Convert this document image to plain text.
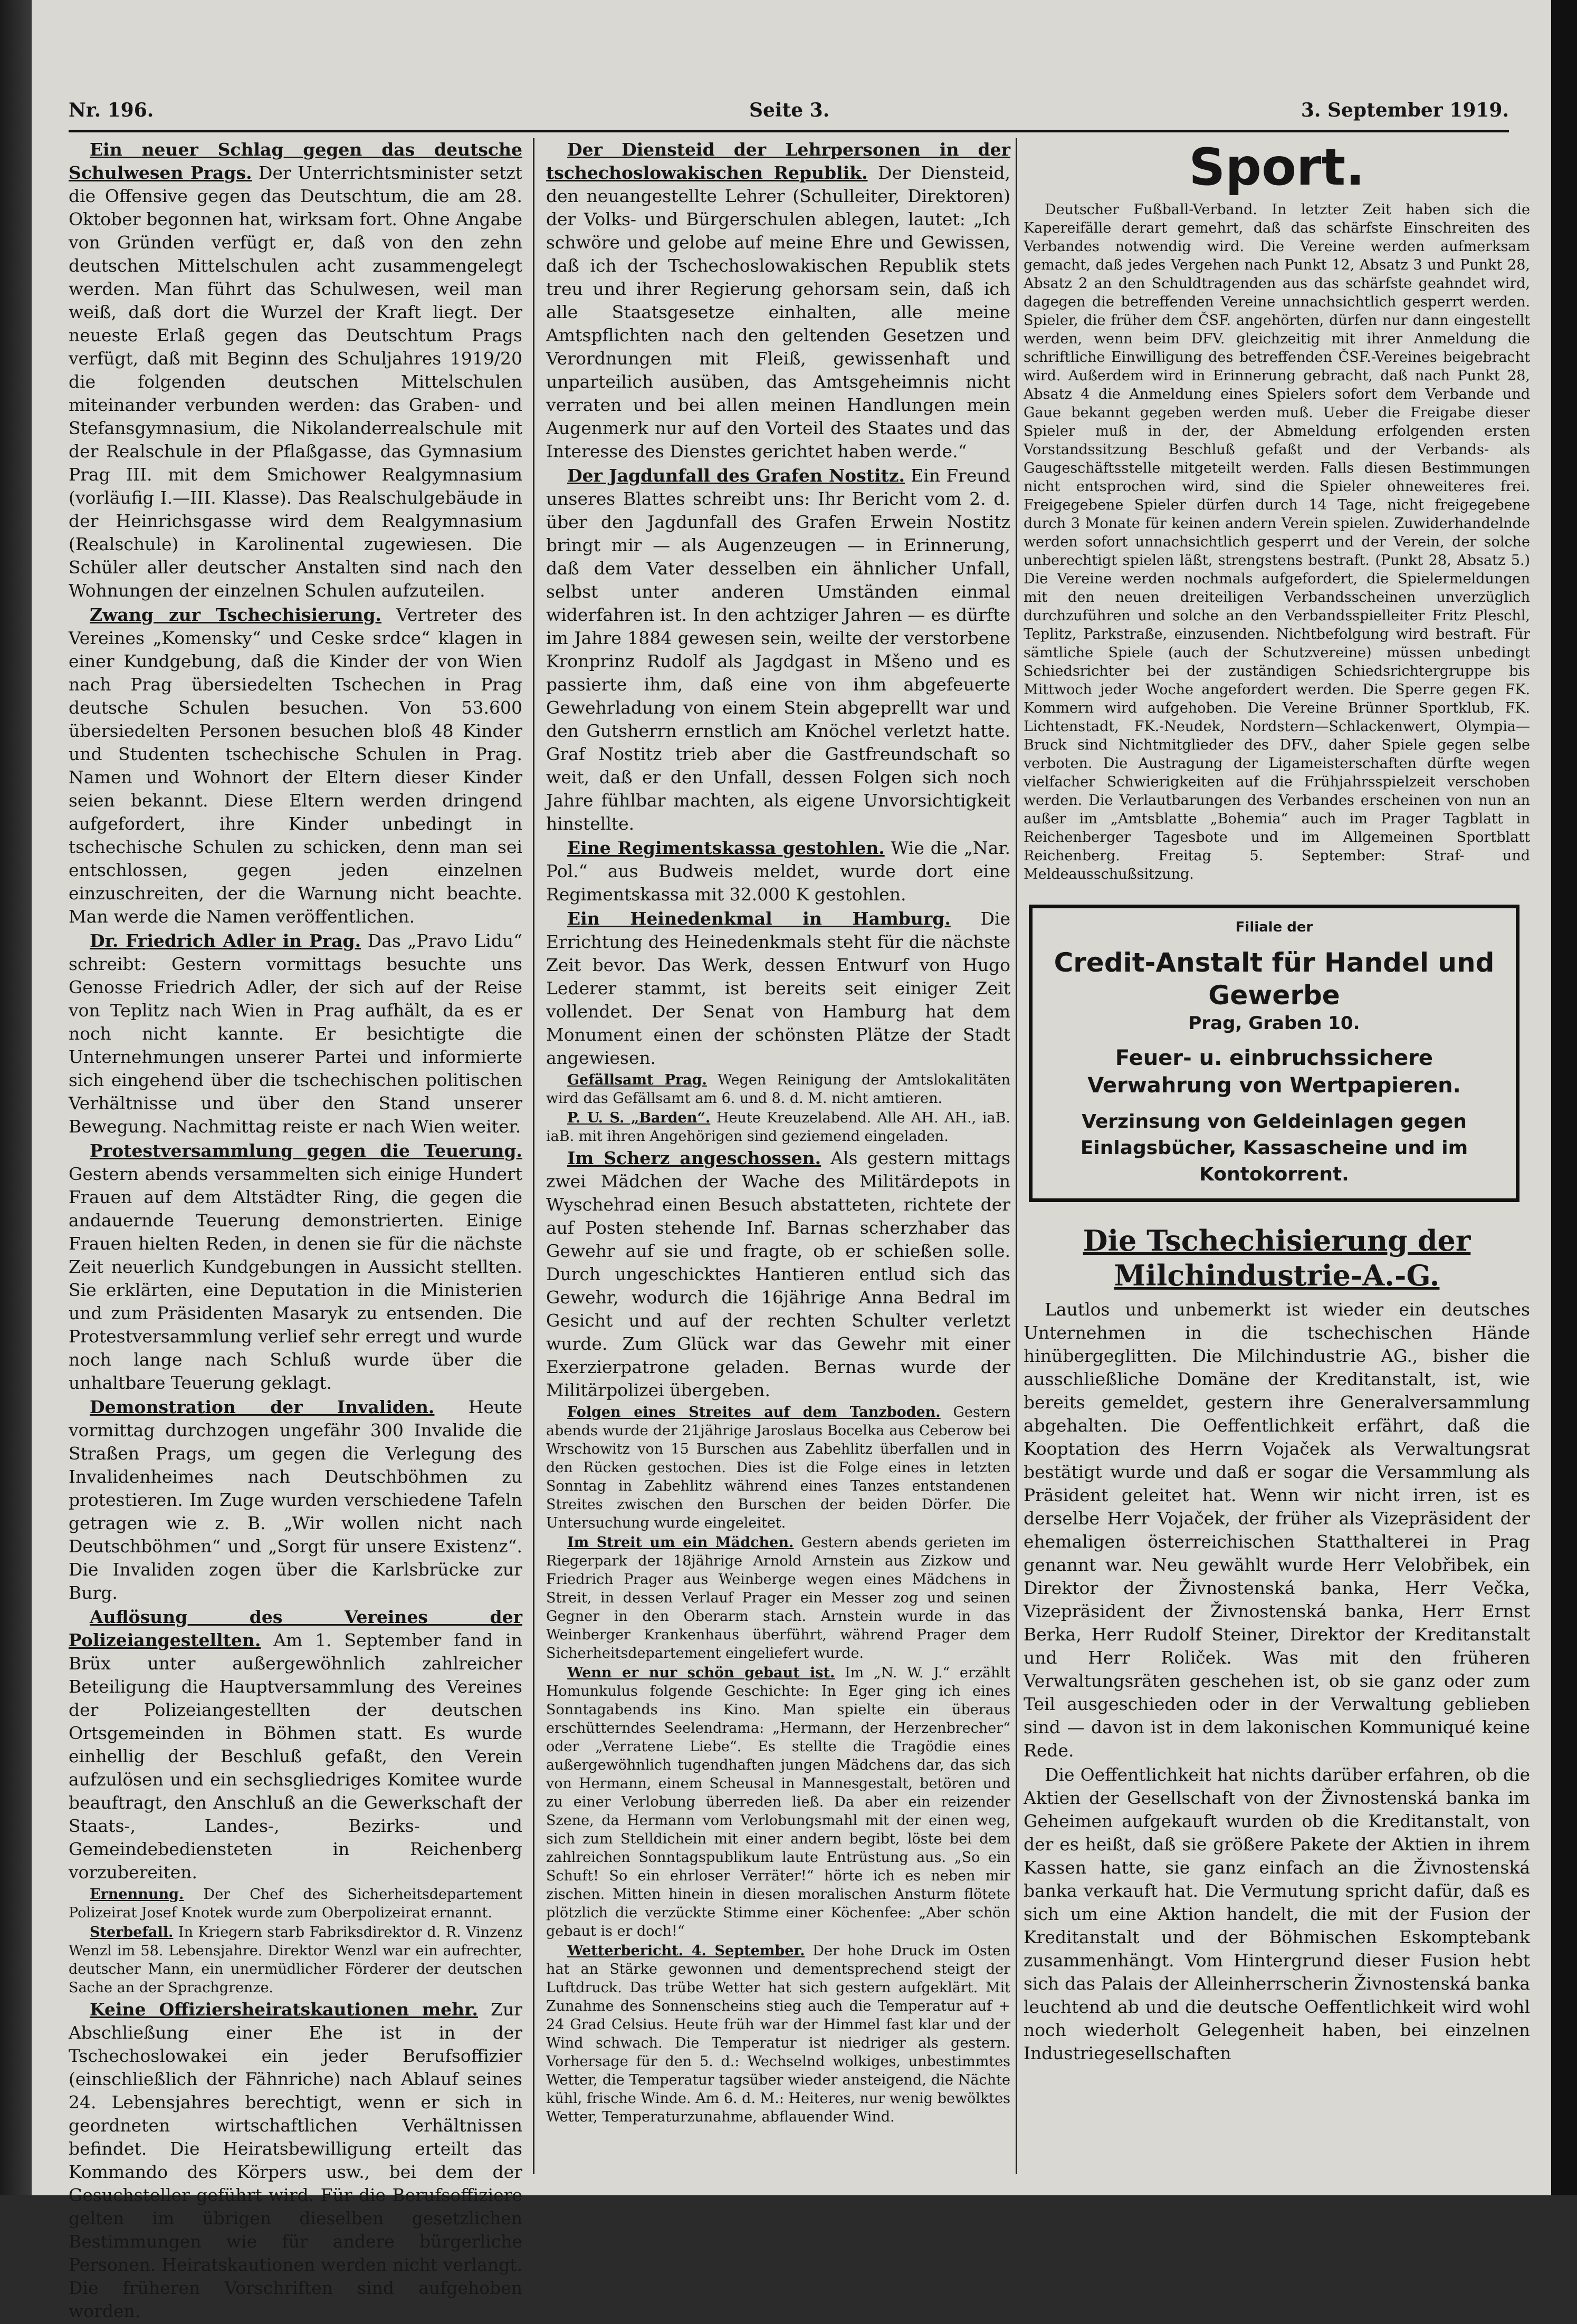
Nr. 196.	Seite 3.	3. September 1919.

Ein neuer Schlag gegen das deutsche Schulwesen Prags. Der Unterrichtsminister setzt die Offensive gegen das Deutschtum, die am 28. Oktober begonnen hat, wirksam fort. Ohne Angabe von Gründen verfügt er, daß von den zehn deutschen Mittelschulen acht zusammengelegt werden. Man führt das Schulwesen, weil man weiß, daß dort die Wurzel der Kraft liegt. Der neueste Erlaß gegen das Deutschtum Prags verfügt, daß mit Beginn des Schuljahres 1919/20 die folgenden deutschen Mittelschulen miteinander verbunden werden: das Graben- und Stefansgymnasium, die Nikolanderrealschule mit der Realschule in der Pflaßgasse, das Gymnasium Prag III. mit dem Smichower Realgymnasium (vorläufig I.—III. Klasse). Das Realschulgebäude in der Heinrichsgasse wird dem Realgymnasium (Realschule) in Karolinental zugewiesen. Die Schüler aller deutscher Anstalten sind nach den Wohnungen der einzelnen Schulen aufzuteilen.

Zwang zur Tschechisierung. Vertreter des Vereines „Komensky“ und Ceske srdce“ klagen in einer Kundgebung, daß die Kinder der von Wien nach Prag übersiedelten Tschechen in Prag deutsche Schulen besuchen. Von 53.600 übersiedelten Personen besuchen bloß 48 Kinder und Studenten tschechische Schulen in Prag. Namen und Wohnort der Eltern dieser Kinder seien bekannt. Diese Eltern werden dringend aufgefordert, ihre Kinder unbedingt in tschechische Schulen zu schicken, denn man sei entschlossen, gegen jeden einzelnen einzuschreiten, der die Warnung nicht beachte. Man werde die Namen veröffentlichen.

Dr. Friedrich Adler in Prag. Das „Pravo Lidu“ schreibt: Gestern vormittags besuchte uns Genosse Friedrich Adler, der sich auf der Reise von Teplitz nach Wien in Prag aufhält, da es er noch nicht kannte. Er besichtigte die Unternehmungen unserer Partei und informierte sich eingehend über die tschechischen politischen Verhältnisse und über den Stand unserer Bewegung. Nachmittag reiste er nach Wien weiter.

Protestversammlung gegen die Teuerung. Gestern abends versammelten sich einige Hundert Frauen auf dem Altstädter Ring, die gegen die andauernde Teuerung demonstrierten. Einige Frauen hielten Reden, in denen sie für die nächste Zeit neuerlich Kundgebungen in Aussicht stellten. Sie erklärten, eine Deputation in die Ministerien und zum Präsidenten Masaryk zu entsenden. Die Protestversammlung verlief sehr erregt und wurde noch lange nach Schluß wurde über die unhaltbare Teuerung geklagt.

Demonstration der Invaliden. Heute vormittag durchzogen ungefähr 300 Invalide die Straßen Prags, um gegen die Verlegung des Invalidenheimes nach Deutschböhmen zu protestieren. Im Zuge wurden verschiedene Tafeln getragen wie z. B. „Wir wollen nicht nach Deutschböhmen“ und „Sorgt für unsere Existenz“. Die Invaliden zogen über die Karlsbrücke zur Burg.

Auflösung des Vereines der Polizeiangestellten. Am 1. September fand in Brüx unter außergewöhnlich zahlreicher Beteiligung die Hauptversammlung des Vereines der Polizeiangestellten der deutschen Ortsgemeinden in Böhmen statt. Es wurde einhellig der Beschluß gefaßt, den Verein aufzulösen und ein sechsgliedriges Komitee wurde beauftragt, den Anschluß an die Gewerkschaft der Staats-, Landes-, Bezirks- und Gemeindebediensteten in Reichenberg vorzubereiten.

Ernennung. Der Chef des Sicherheitsdepartement Polizeirat Josef Knotek wurde zum Oberpolizeirat ernannt.

Sterbefall. In Kriegern starb Fabriksdirektor d. R. Vinzenz Wenzl im 58. Lebensjahre. Direktor Wenzl war ein aufrechter, deutscher Mann, ein unermüdlicher Förderer der deutschen Sache an der Sprachgrenze.

Keine Offiziersheiratskautionen mehr. Zur Abschließung einer Ehe ist in der Tschechoslowakei ein jeder Berufsoffizier (einschließlich der Fähnriche) nach Ablauf seines 24. Lebensjahres berechtigt, wenn er sich in geordneten wirtschaftlichen Verhältnissen befindet. Die Heiratsbewilligung erteilt das Kommando des Körpers usw., bei dem der Gesuchsteller geführt wird. Für die Berufsoffiziere gelten im übrigen dieselben gesetzlichen Bestimmungen wie für andere bürgerliche Personen. Heiratskautionen werden nicht verlangt. Die früheren Vorschriften sind aufgehoben worden.

Der Diensteid der Lehrpersonen in der tschechoslowakischen Republik. Der Diensteid, den neuangestellte Lehrer (Schulleiter, Direktoren) der Volks- und Bürgerschulen ablegen, lautet: „Ich schwöre und gelobe auf meine Ehre und Gewissen, daß ich der Tschechoslowakischen Republik stets treu und ihrer Regierung gehorsam sein, daß ich alle Staatsgesetze einhalten, alle meine Amtspflichten nach den geltenden Gesetzen und Verordnungen mit Fleiß, gewissenhaft und unparteilich ausüben, das Amtsgeheimnis nicht verraten und bei allen meinen Handlungen mein Augenmerk nur auf den Vorteil des Staates und das Interesse des Dienstes gerichtet haben werde.“

Der Jagdunfall des Grafen Nostitz. Ein Freund unseres Blattes schreibt uns: Ihr Bericht vom 2. d. über den Jagdunfall des Grafen Erwein Nostitz bringt mir — als Augenzeugen — in Erinnerung, daß dem Vater desselben ein ähnlicher Unfall, selbst unter anderen Umständen einmal widerfahren ist. In den achtziger Jahren — es dürfte im Jahre 1884 gewesen sein, weilte der verstorbene Kronprinz Rudolf als Jagdgast in Mšeno und es passierte ihm, daß eine von ihm abgefeuerte Gewehrladung von einem Stein abgeprellt war und den Gutsherrn ernstlich am Knöchel verletzt hatte. Graf Nostitz trieb aber die Gastfreundschaft so weit, daß er den Unfall, dessen Folgen sich noch Jahre fühlbar machten, als eigene Unvorsichtigkeit hinstellte.

Eine Regimentskassa gestohlen. Wie die „Nar. Pol.“ aus Budweis meldet, wurde dort eine Regimentskassa mit 32.000 K gestohlen.

Ein Heinedenkmal in Hamburg. Die Errichtung des Heinedenkmals steht für die nächste Zeit bevor. Das Werk, dessen Entwurf von Hugo Lederer stammt, ist bereits seit einiger Zeit vollendet. Der Senat von Hamburg hat dem Monument einen der schönsten Plätze der Stadt angewiesen.

Gefällsamt Prag. Wegen Reinigung der Amtslokalitäten wird das Gefällsamt am 6. und 8. d. M. nicht amtieren.

P. U. S. „Barden“. Heute Kreuzelabend. Alle AH. AH., iaB. iaB. mit ihren Angehörigen sind geziemend eingeladen.

Im Scherz angeschossen. Als gestern mittags zwei Mädchen der Wache des Militärdepots in Wyschehrad einen Besuch abstatteten, richtete der auf Posten stehende Inf. Barnas scherzhaber das Gewehr auf sie und fragte, ob er schießen solle. Durch ungeschicktes Hantieren entlud sich das Gewehr, wodurch die 16jährige Anna Bedral im Gesicht und auf der rechten Schulter verletzt wurde. Zum Glück war das Gewehr mit einer Exerzierpatrone geladen. Bernas wurde der Militärpolizei übergeben.

Folgen eines Streites auf dem Tanzboden. Gestern abends wurde der 21jährige Jaroslaus Bocelka aus Ceberow bei Wrschowitz von 15 Burschen aus Zabehlitz überfallen und in den Rücken gestochen. Dies ist die Folge eines in letzten Sonntag in Zabehlitz während eines Tanzes entstandenen Streites zwischen den Burschen der beiden Dörfer. Die Untersuchung wurde eingeleitet.

Im Streit um ein Mädchen. Gestern abends gerieten im Riegerpark der 18jährige Arnold Arnstein aus Zizkow und Friedrich Prager aus Weinberge wegen eines Mädchens in Streit, in dessen Verlauf Prager ein Messer zog und seinen Gegner in den Oberarm stach. Arnstein wurde in das Weinberger Krankenhaus überführt, während Prager dem Sicherheitsdepartement eingeliefert wurde.

Wenn er nur schön gebaut ist. Im „N. W. J.“ erzählt Homunkulus folgende Geschichte: In Eger ging ich eines Sonntagabends ins Kino. Man spielte ein überaus erschütterndes Seelendrama: „Hermann, der Herzenbrecher“ oder „Verratene Liebe“. Es stellte die Tragödie eines außergewöhnlich tugendhaften jungen Mädchens dar, das sich von Hermann, einem Scheusal in Mannesgestalt, betören und zu einer Verlobung überreden ließ. Da aber ein reizender Szene, da Hermann vom Verlobungsmahl mit der einen weg, sich zum Stelldichein mit einer andern begibt, löste bei dem zahlreichen Sonntagspublikum laute Entrüstung aus. „So ein Schuft! So ein ehrloser Verräter!“ hörte ich es neben mir zischen. Mitten hinein in diesen moralischen Ansturm flötete plötzlich die verzückte Stimme einer Köchenfee: „Aber schön gebaut is er doch!“

Wetterbericht. 4. September. Der hohe Druck im Osten hat an Stärke gewonnen und dementsprechend steigt der Luftdruck. Das trübe Wetter hat sich gestern aufgeklärt. Mit Zunahme des Sonnenscheins stieg auch die Temperatur auf + 24 Grad Celsius. Heute früh war der Himmel fast klar und der Wind schwach. Die Temperatur ist niedriger als gestern. Vorhersage für den 5. d.: Wechselnd wolkiges, unbestimmtes Wetter, die Temperatur tagsüber wieder ansteigend, die Nächte kühl, frische Winde. Am 6. d. M.: Heiteres, nur wenig bewölktes Wetter, Temperaturzunahme, abflauender Wind.

Sport.

Deutscher Fußball-Verband. In letzter Zeit haben sich die Kapereifälle derart gemehrt, daß das schärfste Einschreiten des Verbandes notwendig wird. Die Vereine werden aufmerksam gemacht, daß jedes Vergehen nach Punkt 12, Absatz 3 und Punkt 28, Absatz 2 an den Schuldtragenden aus das schärfste geahndet wird, dagegen die betreffenden Vereine unnachsichtlich gesperrt werden. Spieler, die früher dem ČSF. angehörten, dürfen nur dann eingestellt werden, wenn beim DFV. gleichzeitig mit ihrer Anmeldung die schriftliche Einwilligung des betreffenden ČSF.-Vereines beigebracht wird. Außerdem wird in Erinnerung gebracht, daß nach Punkt 28, Absatz 4 die Anmeldung eines Spielers sofort dem Verbande und Gaue bekannt gegeben werden muß. Ueber die Freigabe dieser Spieler muß in der, der Abmeldung erfolgenden ersten Vorstandssitzung Beschluß gefaßt und der Verbands- als Gaugeschäftsstelle mitgeteilt werden. Falls diesen Bestimmungen nicht entsprochen wird, sind die Spieler ohneweiteres frei. Freigegebene Spieler dürfen durch 14 Tage, nicht freigegebene durch 3 Monate für keinen andern Verein spielen. Zuwiderhandelnde werden sofort unnachsichtlich gesperrt und der Verein, der solche unberechtigt spielen läßt, strengstens bestraft. (Punkt 28, Absatz 5.) Die Vereine werden nochmals aufgefordert, die Spielermeldungen mit den neuen dreiteiligen Verbandsscheinen unverzüglich durchzuführen und solche an den Verbandsspielleiter Fritz Pleschl, Teplitz, Parkstraße, einzusenden. Nichtbefolgung wird bestraft. Für sämtliche Spiele (auch der Schutzvereine) müssen unbedingt Schiedsrichter bei der zuständigen Schiedsrichtergruppe bis Mittwoch jeder Woche angefordert werden. Die Sperre gegen FK. Kommern wird aufgehoben. Die Vereine Brünner Sportklub, FK. Lichtenstadt, FK.-Neudek, Nordstern—Schlackenwert, Olympia—Bruck sind Nichtmitglieder des DFV., daher Spiele gegen selbe verboten. Die Austragung der Ligameisterschaften dürfte wegen vielfacher Schwierigkeiten auf die Frühjahrsspielzeit verschoben werden. Die Verlautbarungen des Verbandes erscheinen von nun an außer im „Amtsblatte „Bohemia“ auch im Prager Tagblatt in Reichenberger Tagesbote und im Allgemeinen Sportblatt Reichenberg. Freitag 5. September: Straf- und Meldeausschußsitzung.

Filiale der
Credit-Anstalt für Handel und Gewerbe
Prag, Graben 10.
Feuer- u. einbruchssichere Verwahrung von Wertpapieren.
Verzinsung von Geldeinlagen gegen Einlagsbücher, Kassascheine und im Kontokorrent.
Die Tschechisierung der Milchindustrie-A.-G.

Lautlos und unbemerkt ist wieder ein deutsches Unternehmen in die tschechischen Hände hinübergeglitten. Die Milchindustrie AG., bisher die ausschließliche Domäne der Kreditanstalt, ist, wie bereits gemeldet, gestern ihre Generalversammlung abgehalten. Die Oeffentlichkeit erfährt, daß die Kooptation des Herrn Vojaček als Verwaltungsrat bestätigt wurde und daß er sogar die Versammlung als Präsident geleitet hat. Wenn wir nicht irren, ist es derselbe Herr Vojaček, der früher als Vizepräsident der ehemaligen österreichischen Statthalterei in Prag genannt war. Neu gewählt wurde Herr Velobřibek, ein Direktor der Živnostenská banka, Herr Večka, Vizepräsident der Živnostenská banka, Herr Ernst Berka, Herr Rudolf Steiner, Direktor der Kreditanstalt und Herr Roliček. Was mit den früheren Verwaltungsräten geschehen ist, ob sie ganz oder zum Teil ausgeschieden oder in der Verwaltung geblieben sind — davon ist in dem lakonischen Kommuniqué keine Rede.

Die Oeffentlichkeit hat nichts darüber erfahren, ob die Aktien der Gesellschaft von der Živnostenská banka im Geheimen aufgekauft wurden ob die Kreditanstalt, von der es heißt, daß sie größere Pakete der Aktien in ihrem Kassen hatte, sie ganz einfach an die Živnostenská banka verkauft hat. Die Vermutung spricht dafür, daß es sich um eine Aktion handelt, die mit der Fusion der Kreditanstalt und der Böhmischen Eskomptebank zusammenhängt. Vom Hintergrund dieser Fusion hebt sich das Palais der Alleinherrscherin Živnostenská banka leuchtend ab und die deutsche Oeffentlichkeit wird wohl noch wiederholt Gelegenheit haben, bei einzelnen Industriegesellschaften
